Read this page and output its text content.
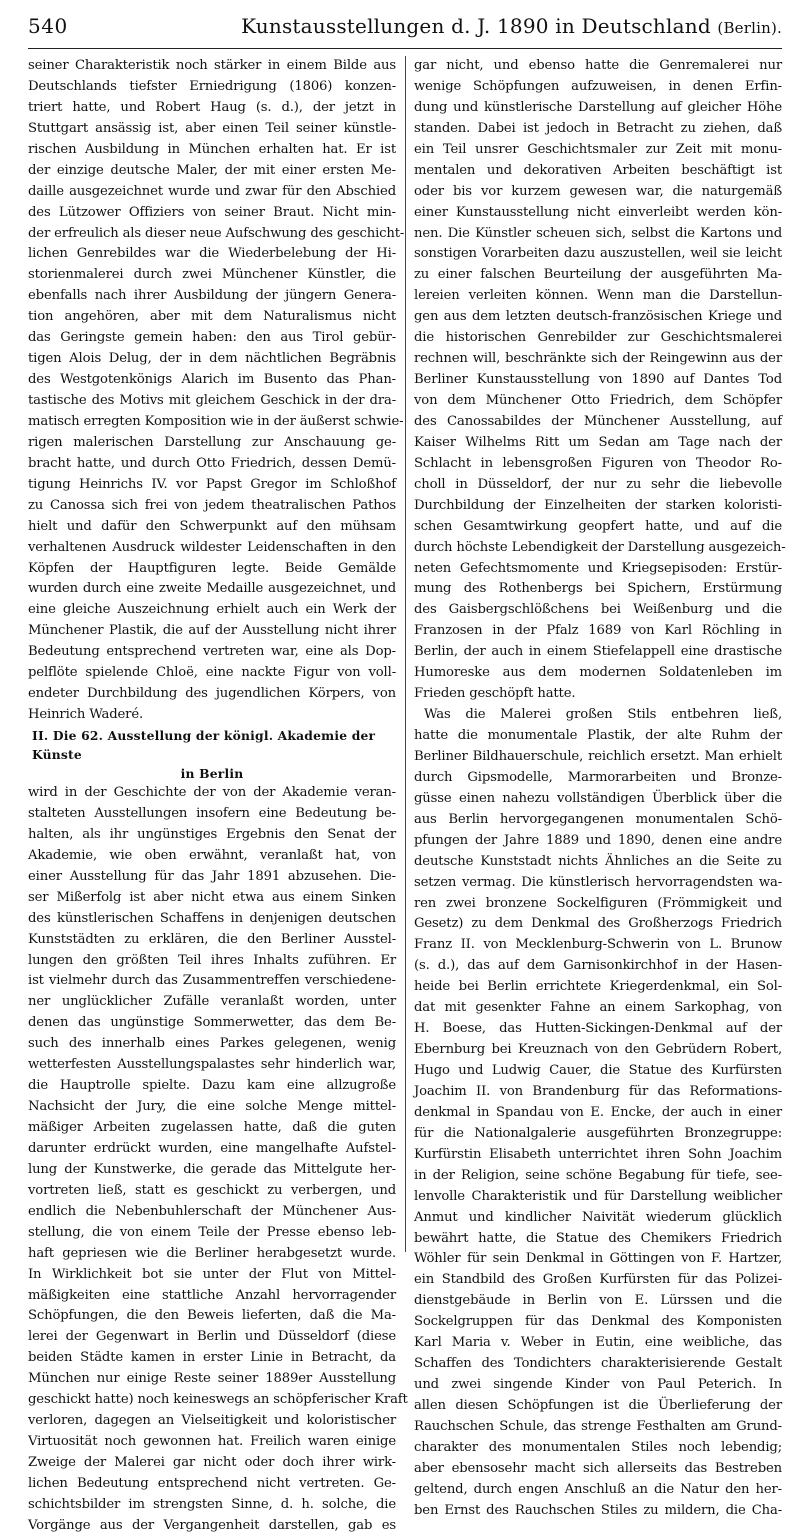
540	Kunstausstellungen d. J. 1890 in Deutschland (Berlin).
seiner Charakteristik noch stärker in einem Bilde aus
Deutschlands tiefster Erniedrigung (1806) konzen-
triert hatte, und Robert Haug (s. d.), der jetzt in
Stuttgart ansässig ist, aber einen Teil seiner künstle-
rischen Ausbildung in München erhalten hat. Er ist
der einzige deutsche Maler, der mit einer ersten Me-
daille ausgezeichnet wurde und zwar für den Abschied
des Lützower Offiziers von seiner Braut. Nicht min-
der erfreulich als dieser neue Aufschwung des geschicht-
lichen Genrebildes war die Wiederbelebung der Hi-
storienmalerei durch zwei Münchener Künstler, die
ebenfalls nach ihrer Ausbildung der jüngern Genera-
tion angehören, aber mit dem Naturalismus nicht
das Geringste gemein haben: den aus Tirol gebür-
tigen Alois Delug, der in dem nächtlichen Begräbnis
des Westgotenkönigs Alarich im Busento das Phan-
tastische des Motivs mit gleichem Geschick in der dra-
matisch erregten Komposition wie in der äußerst schwie-
rigen malerischen Darstellung zur Anschauung ge-
bracht hatte, und durch Otto Friedrich, dessen Demü-
tigung Heinrichs IV. vor Papst Gregor im Schloßhof
zu Canossa sich frei von jedem theatralischen Pathos
hielt und dafür den Schwerpunkt auf den mühsam
verhaltenen Ausdruck wildester Leidenschaften in den
Köpfen der Hauptfiguren legte. Beide Gemälde
wurden durch eine zweite Medaille ausgezeichnet, und
eine gleiche Auszeichnung erhielt auch ein Werk der
Münchener Plastik, die auf der Ausstellung nicht ihrer
Bedeutung entsprechend vertreten war, eine als Dop-
pelflöte spielende Chloë, eine nackte Figur von voll-
endeter Durchbildung des jugendlichen Körpers, von
Heinrich Waderé.
II. Die 62. Ausstellung der königl. Akademie der Künste
in Berlin
wird in der Geschichte der von der Akademie veran-
stalteten Ausstellungen insofern eine Bedeutung be-
halten, als ihr ungünstiges Ergebnis den Senat der
Akademie, wie oben erwähnt, veranlaßt hat, von
einer Ausstellung für das Jahr 1891 abzusehen. Die-
ser Mißerfolg ist aber nicht etwa aus einem Sinken
des künstlerischen Schaffens in denjenigen deutschen
Kunststädten zu erklären, die den Berliner Ausstel-
lungen den größten Teil ihres Inhalts zuführen. Er
ist vielmehr durch das Zusammentreffen verschiedene-
ner unglücklicher Zufälle veranlaßt worden, unter
denen das ungünstige Sommerwetter, das dem Be-
such des innerhalb eines Parkes gelegenen, wenig
wetterfesten Ausstellungspalastes sehr hinderlich war,
die Hauptrolle spielte. Dazu kam eine allzugroße
Nachsicht der Jury, die eine solche Menge mittel-
mäßiger Arbeiten zugelassen hatte, daß die guten
darunter erdrückt wurden, eine mangelhafte Aufstel-
lung der Kunstwerke, die gerade das Mittelgute her-
vortreten ließ, statt es geschickt zu verbergen, und
endlich die Nebenbuhlerschaft der Münchener Aus-
stellung, die von einem Teile der Presse ebenso leb-
haft gepriesen wie die Berliner herabgesetzt wurde.
In Wirklichkeit bot sie unter der Flut von Mittel-
mäßigkeiten eine stattliche Anzahl hervorragender
Schöpfungen, die den Beweis lieferten, daß die Ma-
lerei der Gegenwart in Berlin und Düsseldorf (diese
beiden Städte kamen in erster Linie in Betracht, da
München nur einige Reste seiner 1889er Ausstellung
geschickt hatte) noch keineswegs an schöpferischer Kraft
verloren, dagegen an Vielseitigkeit und koloristischer
Virtuosität noch gewonnen hat. Freilich waren einige
Zweige der Malerei gar nicht oder doch ihrer wirk-
lichen Bedeutung entsprechend nicht vertreten. Ge-
schichtsbilder im strengsten Sinne, d. h. solche, die
Vorgänge aus der Vergangenheit darstellen, gab es
gar nicht, und ebenso hatte die Genremalerei nur
wenige Schöpfungen aufzuweisen, in denen Erfin-
dung und künstlerische Darstellung auf gleicher Höhe
standen. Dabei ist jedoch in Betracht zu ziehen, daß
ein Teil unsrer Geschichtsmaler zur Zeit mit monu-
mentalen und dekorativen Arbeiten beschäftigt ist
oder bis vor kurzem gewesen war, die naturgemäß
einer Kunstausstellung nicht einverleibt werden kön-
nen. Die Künstler scheuen sich, selbst die Kartons und
sonstigen Vorarbeiten dazu auszustellen, weil sie leicht
zu einer falschen Beurteilung der ausgeführten Ma-
lereien verleiten können. Wenn man die Darstellun-
gen aus dem letzten deutsch-französischen Kriege und
die historischen Genrebilder zur Geschichtsmalerei
rechnen will, beschränkte sich der Reingewinn aus der
Berliner Kunstausstellung von 1890 auf Dantes Tod
von dem Münchener Otto Friedrich, dem Schöpfer
des Canossabildes der Münchener Ausstellung, auf
Kaiser Wilhelms Ritt um Sedan am Tage nach der
Schlacht in lebensgroßen Figuren von Theodor Ro-
choll in Düsseldorf, der nur zu sehr die liebevolle
Durchbildung der Einzelheiten der starken koloristi-
schen Gesamtwirkung geopfert hatte, und auf die
durch höchste Lebendigkeit der Darstellung ausgezeich-
neten Gefechtsmomente und Kriegsepisoden: Erstür-
mung des Rothenbergs bei Spichern, Erstürmung
des Gaisbergschlößchens bei Weißenburg und die
Franzosen in der Pfalz 1689 von Karl Röchling in
Berlin, der auch in einem Stiefelappell eine drastische
Humoreske aus dem modernen Soldatenleben im
Frieden geschöpft hatte.
Was die Malerei großen Stils entbehren ließ,
hatte die monumentale Plastik, der alte Ruhm der
Berliner Bildhauerschule, reichlich ersetzt. Man erhielt
durch Gipsmodelle, Marmorarbeiten und Bronze-
güsse einen nahezu vollständigen Überblick über die
aus Berlin hervorgegangenen monumentalen Schö-
pfungen der Jahre 1889 und 1890, denen eine andre
deutsche Kunststadt nichts Ähnliches an die Seite zu
setzen vermag. Die künstlerisch hervorragendsten wa-
ren zwei bronzene Sockelfiguren (Frömmigkeit und
Gesetz) zu dem Denkmal des Großherzogs Friedrich
Franz II. von Mecklenburg-Schwerin von L. Brunow
(s. d.), das auf dem Garnisonkirchhof in der Hasen-
heide bei Berlin errichtete Kriegerdenkmal, ein Sol-
dat mit gesenkter Fahne an einem Sarkophag, von
H. Boese, das Hutten-Sickingen-Denkmal auf der
Ebernburg bei Kreuznach von den Gebrüdern Robert,
Hugo und Ludwig Cauer, die Statue des Kurfürsten
Joachim II. von Brandenburg für das Reformations-
denkmal in Spandau von E. Encke, der auch in einer
für die Nationalgalerie ausgeführten Bronzegruppe:
Kurfürstin Elisabeth unterrichtet ihren Sohn Joachim
in der Religion, seine schöne Begabung für tiefe, see-
lenvolle Charakteristik und für Darstellung weiblicher
Anmut und kindlicher Naivität wiederum glücklich
bewährt hatte, die Statue des Chemikers Friedrich
Wöhler für sein Denkmal in Göttingen von F. Hartzer,
ein Standbild des Großen Kurfürsten für das Polizei-
dienstgebäude in Berlin von E. Lürssen und die
Sockelgruppen für das Denkmal des Komponisten
Karl Maria v. Weber in Eutin, eine weibliche, das
Schaffen des Tondichters charakterisierende Gestalt
und zwei singende Kinder von Paul Peterich. In
allen diesen Schöpfungen ist die Überlieferung der
Rauchschen Schule, das strenge Festhalten am Grund-
charakter des monumentalen Stiles noch lebendig;
aber ebensosehr macht sich allerseits das Bestreben
geltend, durch engen Anschluß an die Natur den her-
ben Ernst des Rauchschen Stiles zu mildern, die Cha-
